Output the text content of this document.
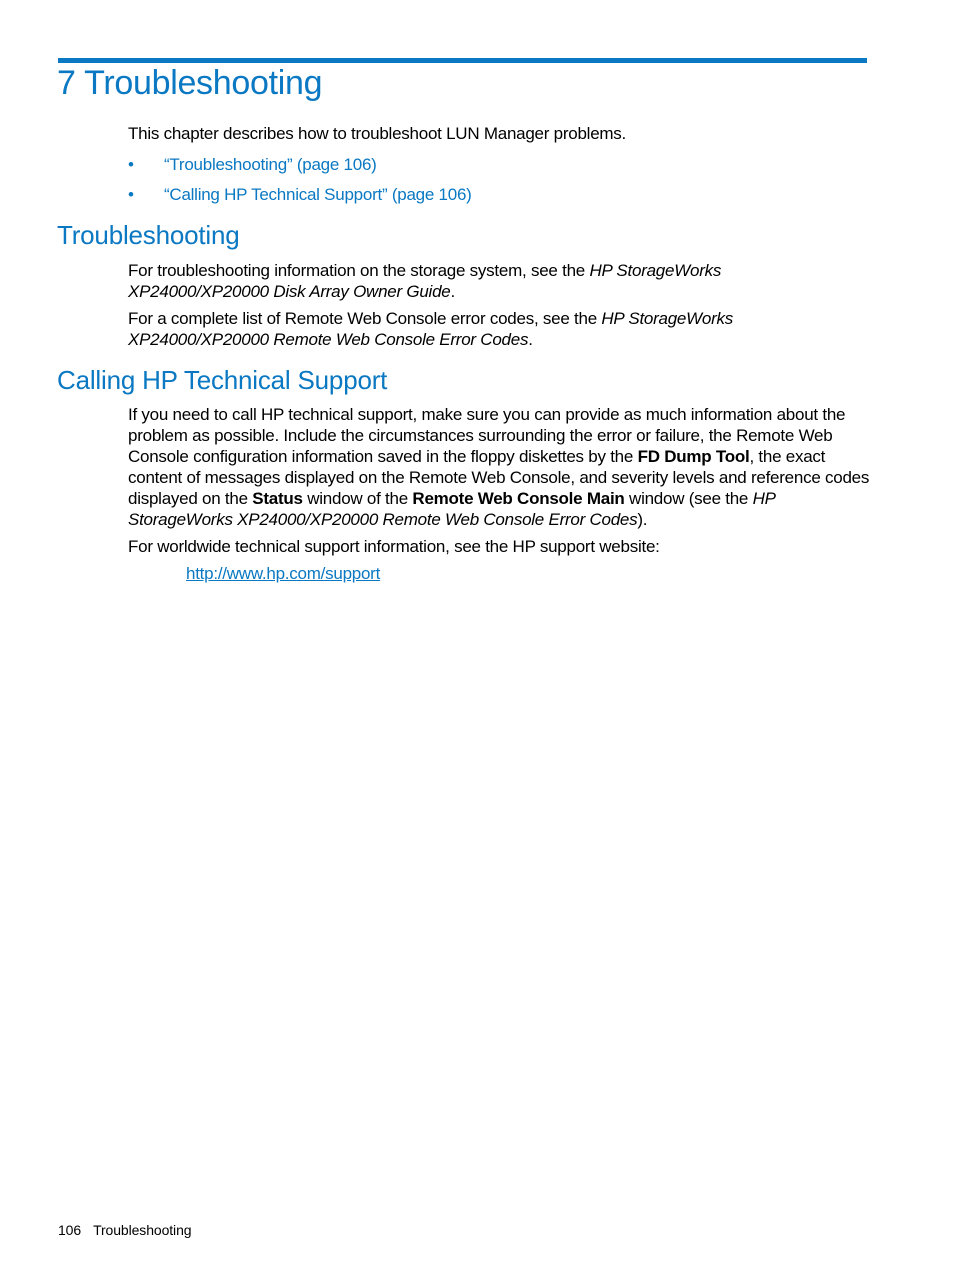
7 Troubleshooting

This chapter describes how to troubleshoot LUN Manager problems.

• “Troubleshooting” (page 106)

• “Calling HP Technical Support” (page 106)

Troubleshooting

For troubleshooting information on the storage system, see the HP StorageWorks XP24000/XP20000 Disk Array Owner Guide.

For a complete list of Remote Web Console error codes, see the HP StorageWorks XP24000/XP20000 Remote Web Console Error Codes.

Calling HP Technical Support

If you need to call HP technical support, make sure you can provide as much information about the problem as possible. Include the circumstances surrounding the error or failure, the Remote Web Console configuration information saved in the floppy diskettes by the FD Dump Tool, the exact content of messages displayed on the Remote Web Console, and severity levels and reference codes displayed on the Status window of the Remote Web Console Main window (see the HP StorageWorks XP24000/XP20000 Remote Web Console Error Codes).

For worldwide technical support information, see the HP support website:

http://www.hp.com/support

106 Troubleshooting
